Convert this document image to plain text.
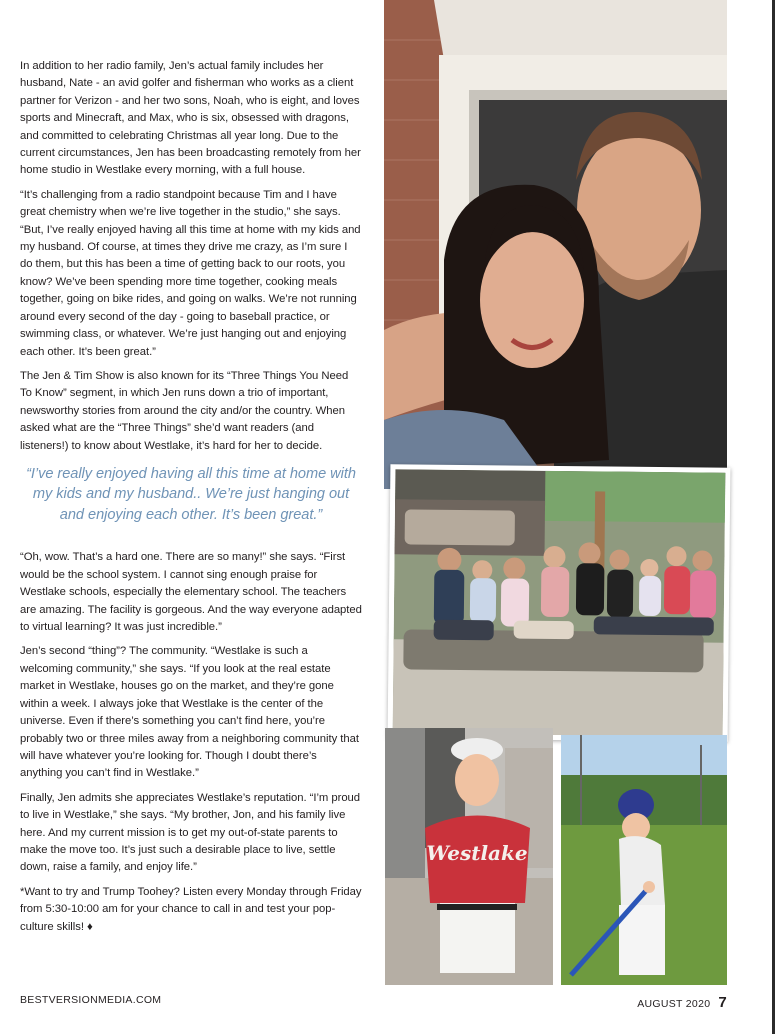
In addition to her radio family, Jen’s actual family includes her husband, Nate - an avid golfer and fisherman who works as a client partner for Verizon - and her two sons, Noah, who is eight, and loves sports and Minecraft, and Max, who is six, obsessed with dragons, and committed to celebrating Christmas all year long. Due to the current circumstances, Jen has been broadcasting remotely from her home studio in Westlake every morning, with a full house.

“It’s challenging from a radio standpoint because Tim and I have great chemistry when we’re live together in the studio,” she says. “But, I’ve really enjoyed having all this time at home with my kids and my husband. Of course, at times they drive me crazy, as I’m sure I do them, but this has been a time of getting back to our roots, you know? We’ve been spending more time together, cooking meals together, going on bike rides, and going on walks. We’re not running around every second of the day - going to baseball practice, or swimming class, or whatever. We’re just hanging out and enjoying each other. It’s been great.”

The Jen & Tim Show is also known for its “Three Things You Need To Know” segment, in which Jen runs down a trio of important, newsworthy stories from around the city and/or the country. When asked what are the “Three Things” she’d want readers (and listeners!) to know about Westlake, it’s hard for her to decide.

“I’ve really enjoyed having all this time at home with my kids and my husband.. We’re just hanging out and enjoying each other. It’s been great.”

“Oh, wow. That’s a hard one. There are so many!” she says. “First would be the school system. I cannot sing enough praise for Westlake schools, especially the elementary school. The teachers are amazing. The facility is gorgeous. And the way everyone adapted to virtual learning? It was just incredible.”

Jen’s second “thing”? The community. “Westlake is such a welcoming community,” she says. “If you look at the real estate market in Westlake, houses go on the market, and they’re gone within a week. I always joke that Westlake is the center of the universe. Even if there’s something you can’t find here, you’re probably two or three miles away from a neighboring community that will have whatever you’re looking for. Though I doubt there’s anything you can’t find in Westlake.”

Finally, Jen admits she appreciates Westlake’s reputation. “I’m proud to live in Westlake,” she says. “My brother, Jon, and his family live here. And my current mission is to get my out-of-state parents to make the move too. It’s just such a desirable place to live, settle down, raise a family, and enjoy life.”

*Want to try and Trump Toohey? Listen every Monday through Friday from 5:30-10:00 am for your chance to call in and test your pop-culture skills! ♦

Westlake
BESTVERSIONMEDIA.COM	AUGUST 2020 7
